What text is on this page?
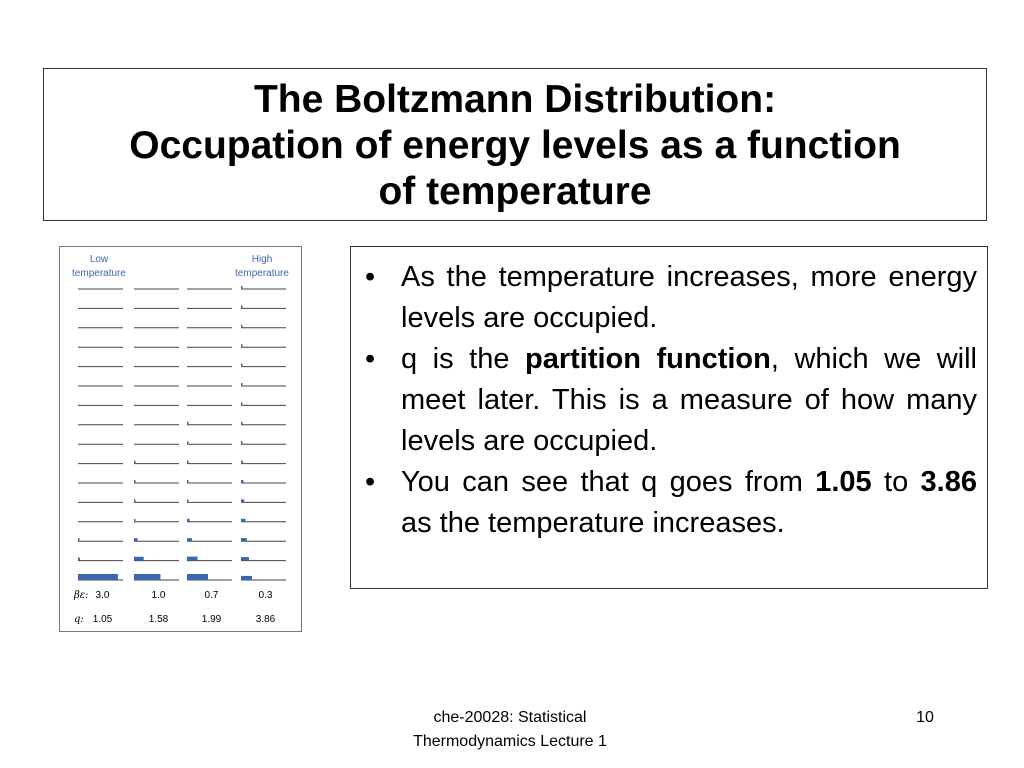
The Boltzmann Distribution:
Occupation of energy levels as a function
of temperature
Low
temperature
High
temperature
3.0
1.05
1.0
1.58
0.7
1.99
0.3
3.86
βε:
q:
• As the temperature increases, more energy levels are occupied.
• q is the partition function, which we will meet later. This is a measure of how many levels are occupied.
• You can see that q goes from 1.05 to 3.86 as the temperature increases.
che-20028: Statistical
Thermodynamics Lecture 1
10
